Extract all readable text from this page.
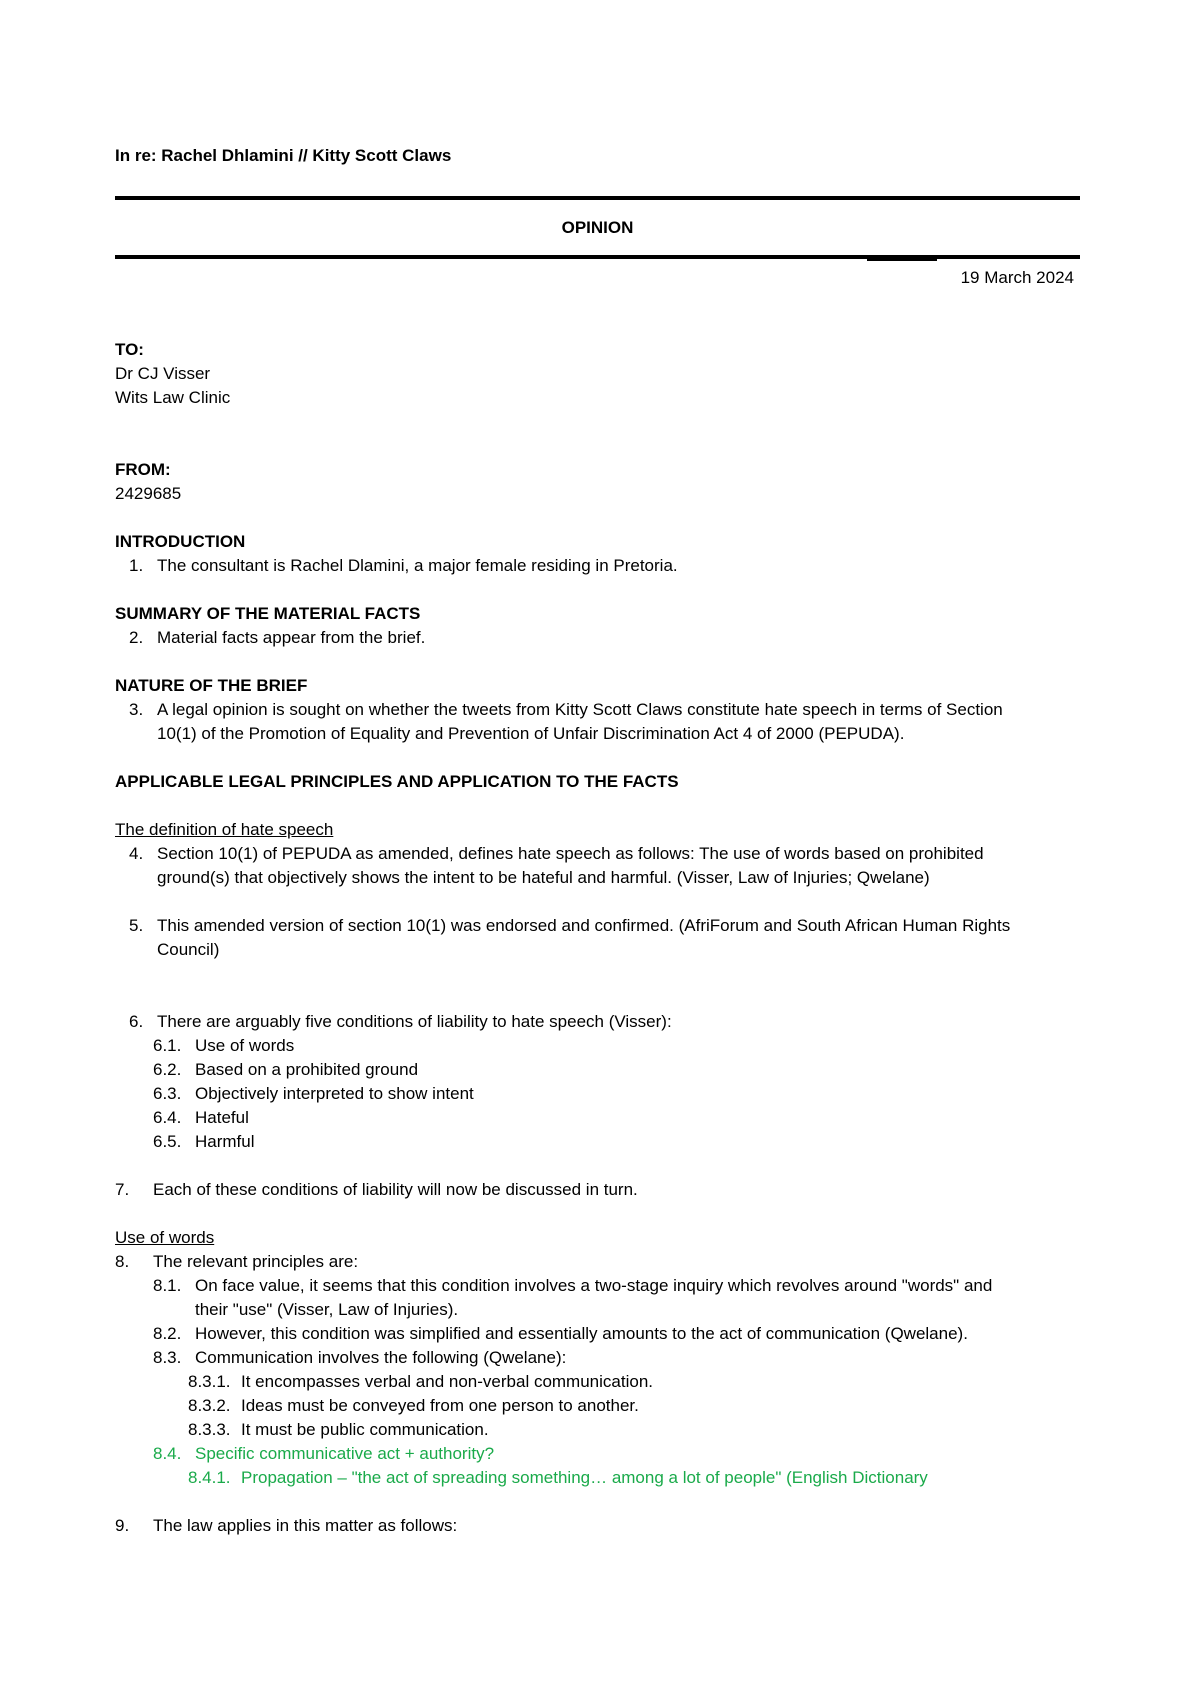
In re: Rachel Dhlamini // Kitty Scott Claws
OPINION
19 March 2024
TO:
Dr CJ Visser
Wits Law Clinic
FROM:
2429685
INTRODUCTION
1. The consultant is Rachel Dlamini, a major female residing in Pretoria.
SUMMARY OF THE MATERIAL FACTS
2. Material facts appear from the brief.
NATURE OF THE BRIEF
3. A legal opinion is sought on whether the tweets from Kitty Scott Claws constitute hate speech in terms of Section
10(1) of the Promotion of Equality and Prevention of Unfair Discrimination Act 4 of 2000 (PEPUDA).
APPLICABLE LEGAL PRINCIPLES AND APPLICATION TO THE FACTS
The definition of hate speech
4. Section 10(1) of PEPUDA as amended, defines hate speech as follows: The use of words based on prohibited
ground(s) that objectively shows the intent to be hateful and harmful. (Visser, Law of Injuries; Qwelane)
5. This amended version of section 10(1) was endorsed and confirmed. (AfriForum and South African Human Rights
Council)
6. There are arguably five conditions of liability to hate speech (Visser):
6.1. Use of words
6.2. Based on a prohibited ground
6.3. Objectively interpreted to show intent
6.4. Hateful
6.5. Harmful
7. Each of these conditions of liability will now be discussed in turn.
Use of words
8. The relevant principles are:
8.1. On face value, it seems that this condition involves a two-stage inquiry which revolves around "words" and
their "use" (Visser, Law of Injuries).
8.2. However, this condition was simplified and essentially amounts to the act of communication (Qwelane).
8.3. Communication involves the following (Qwelane):
8.3.1. It encompasses verbal and non-verbal communication.
8.3.2. Ideas must be conveyed from one person to another.
8.3.3. It must be public communication.
8.4. Specific communicative act + authority?
8.4.1. Propagation – "the act of spreading something… among a lot of people" (English Dictionary
9. The law applies in this matter as follows:
